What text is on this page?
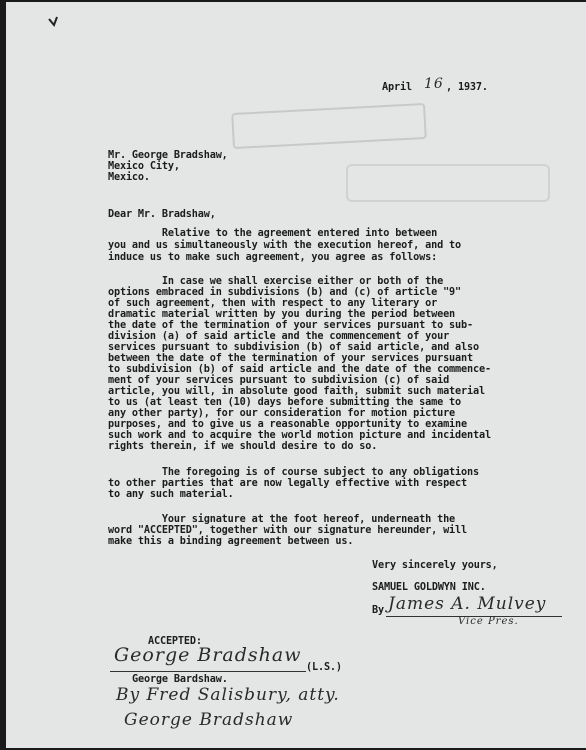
April 16 , 1937.
Mr. George Bradshaw,
Mexico City,
Mexico.
Dear Mr. Bradshaw,
Relative to the agreement entered into between
you and us simultaneously with the execution hereof, and to
induce us to make such agreement, you agree as follows:
In case we shall exercise either or both of the
options embraced in subdivisions (b) and (c) of article "9"
of such agreement, then with respect to any literary or
dramatic material written by you during the period between
the date of the termination of your services pursuant to sub-
division (a) of said article and the commencement of your
services pursuant to subdivision (b) of said article, and also
between the date of the termination of your services pursuant
to subdivision (b) of said article and the date of the commence-
ment of your services pursuant to subdivision (c) of said
article, you will, in absolute good faith, submit such material
to us (at least ten (10) days before submitting the same to
any other party), for our consideration for motion picture
purposes, and to give us a reasonable opportunity to examine
such work and to acquire the world motion picture and incidental
rights therein, if we should desire to do so.
The foregoing is of course subject to any obligations
to other parties that are now legally effective with respect
to any such material.
Your signature at the foot hereof, underneath the
word "ACCEPTED", together with our signature hereunder, will
make this a binding agreement between us.
Very sincerely yours,
SAMUEL GOLDWYN INC.
By James A. Mulvey
Vice Pres.
ACCEPTED:
George Bradshaw
(L.S.)
George Bardshaw.
By Fred Salisbury, atty.
George Bradshaw
